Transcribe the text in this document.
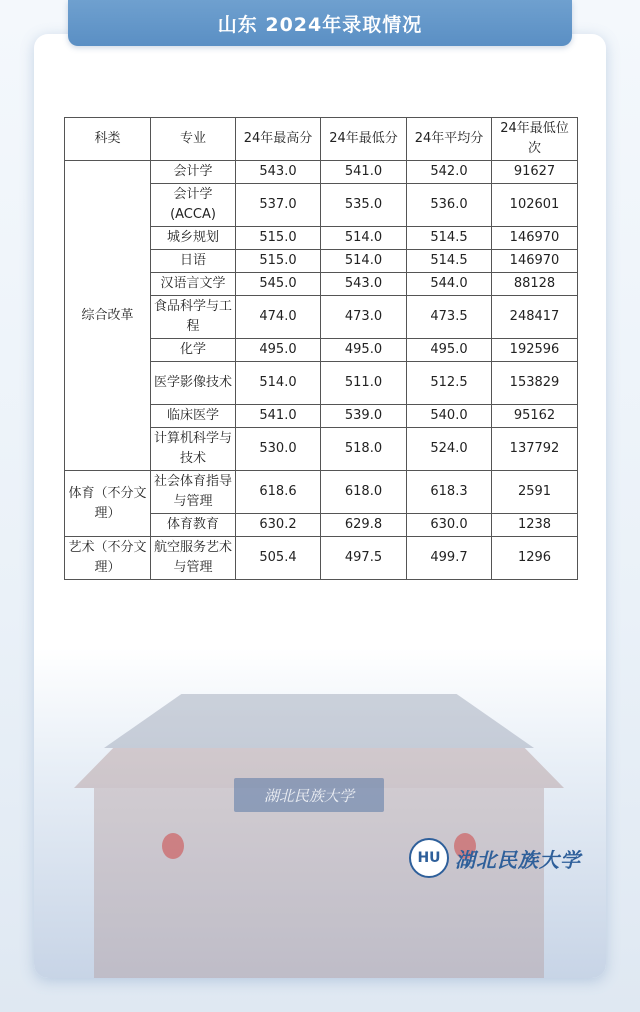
山东 2024年录取情况
湖北民族大学
HU 湖北民族大学
科类	专业	24年最高分	24年最低分	24年平均分	24年最低位次
综合改革	会计学	543.0	541.0	542.0	91627
	会计学(ACCA)	537.0	535.0	536.0	102601
	城乡规划	515.0	514.0	514.5	146970
	日语	515.0	514.0	514.5	146970
	汉语言文学	545.0	543.0	544.0	88128
	食品科学与工程	474.0	473.0	473.5	248417
	化学	495.0	495.0	495.0	192596
	医学影像技术	514.0	511.0	512.5	153829
	临床医学	541.0	539.0	540.0	95162
	计算机科学与技术	530.0	518.0	524.0	137792
体育（不分文理）	社会体育指导与管理	618.6	618.0	618.3	2591
	体育教育	630.2	629.8	630.0	1238
艺术（不分文理）	航空服务艺术与管理	505.4	497.5	499.7	1296
